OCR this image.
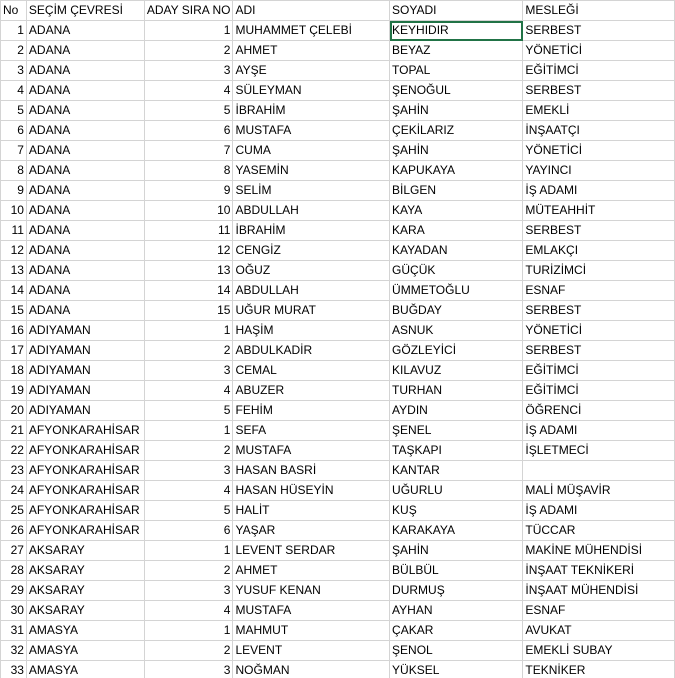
No	SEÇİM ÇEVRESİ	ADAY SIRA NO	ADI	SOYADI	MESLEĞİ
1	ADANA	1	MUHAMMET ÇELEBİ	KEYHIDIR	SERBEST
2	ADANA	2	AHMET	BEYAZ	YÖNETİCİ
3	ADANA	3	AYŞE	TOPAL	EĞİTİMCİ
4	ADANA	4	SÜLEYMAN	ŞENOĞUL	SERBEST
5	ADANA	5	İBRAHİM	ŞAHİN	EMEKLİ
6	ADANA	6	MUSTAFA	ÇEKİLARIZ	İNŞAATÇI
7	ADANA	7	CUMA	ŞAHİN	YÖNETİCİ
8	ADANA	8	YASEMİN	KAPUKAYA	YAYINCI
9	ADANA	9	SELİM	BİLGEN	İŞ ADAMI
10	ADANA	10	ABDULLAH	KAYA	MÜTEAHHİT
11	ADANA	11	İBRAHİM	KARA	SERBEST
12	ADANA	12	CENGİZ	KAYADAN	EMLAKÇI
13	ADANA	13	OĞUZ	GÜÇÜK	TURİZİMCİ
14	ADANA	14	ABDULLAH	ÜMMETOĞLU	ESNAF
15	ADANA	15	UĞUR MURAT	BUĞDAY	SERBEST
16	ADIYAMAN	1	HAŞİM	ASNUK	YÖNETİCİ
17	ADIYAMAN	2	ABDULKADİR	GÖZLEYİCİ	SERBEST
18	ADIYAMAN	3	CEMAL	KILAVUZ	EĞİTİMCİ
19	ADIYAMAN	4	ABUZER	TURHAN	EĞİTİMCİ
20	ADIYAMAN	5	FEHİM	AYDIN	ÖĞRENCİ
21	AFYONKARAHİSAR	1	SEFA	ŞENEL	İŞ ADAMI
22	AFYONKARAHİSAR	2	MUSTAFA	TAŞKAPI	İŞLETMECİ
23	AFYONKARAHİSAR	3	HASAN BASRİ	KANTAR	
24	AFYONKARAHİSAR	4	HASAN HÜSEYİN	UĞURLU	MALİ MÜŞAVİR
25	AFYONKARAHİSAR	5	HALİT	KUŞ	İŞ ADAMI
26	AFYONKARAHİSAR	6	YAŞAR	KARAKAYA	TÜCCAR
27	AKSARAY	1	LEVENT SERDAR	ŞAHİN	MAKİNE MÜHENDİSİ
28	AKSARAY	2	AHMET	BÜLBÜL	İNŞAAT TEKNİKERİ
29	AKSARAY	3	YUSUF KENAN	DURMUŞ	İNŞAAT MÜHENDİSİ
30	AKSARAY	4	MUSTAFA	AYHAN	ESNAF
31	AMASYA	1	MAHMUT	ÇAKAR	AVUKAT
32	AMASYA	2	LEVENT	ŞENOL	EMEKLİ SUBAY
33	AMASYA	3	NOĞMAN	YÜKSEL	TEKNİKER
